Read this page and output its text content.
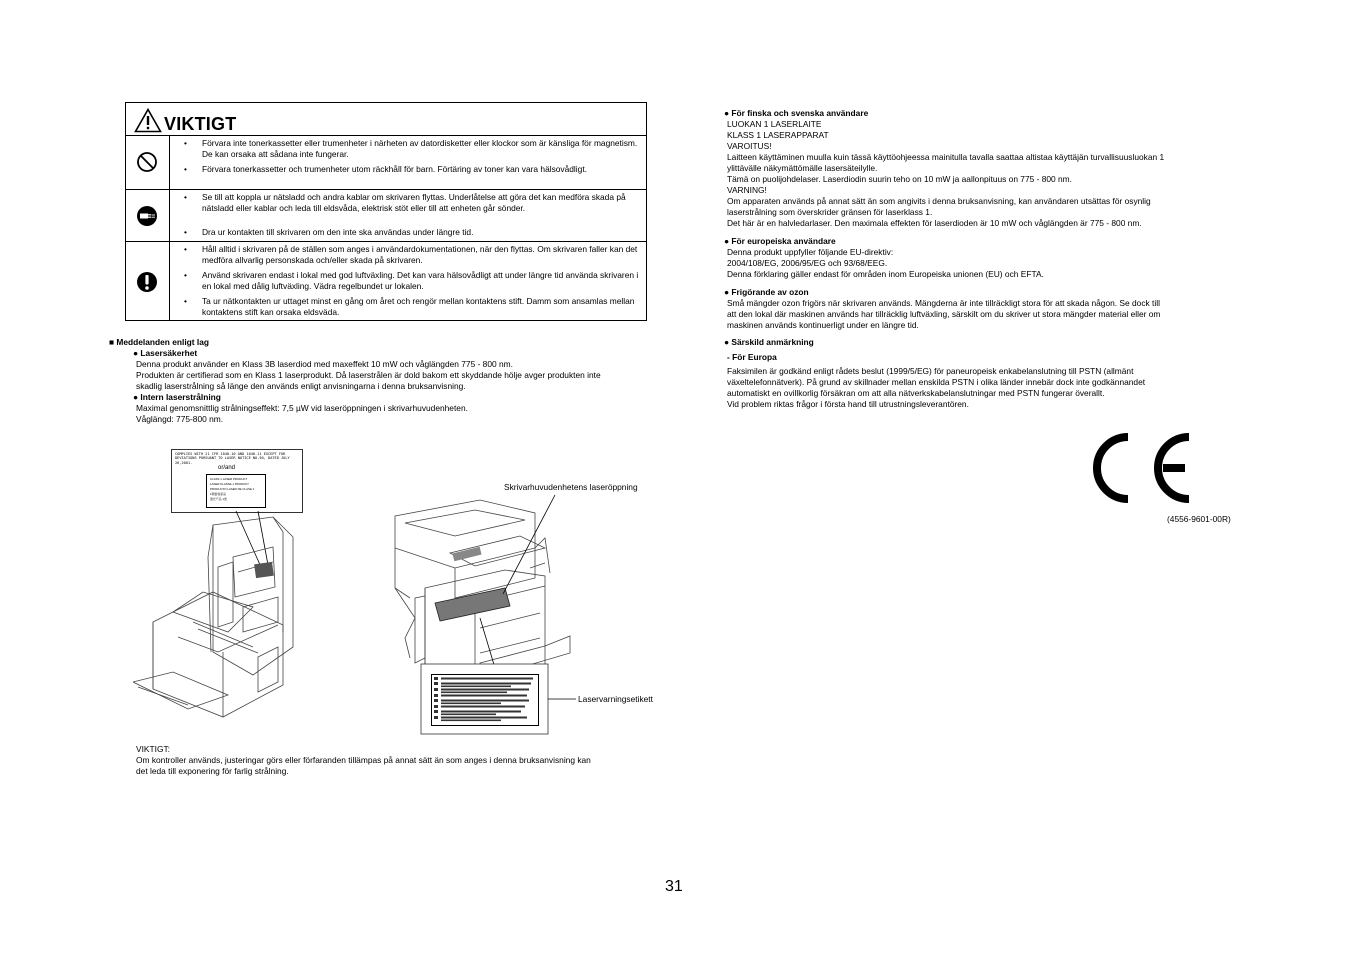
VIKTIGT
• Förvara inte tonerkassetter eller trumenheter i närheten av datordisketter eller klockor som är känsliga för magnetism. De kan orsaka att sådana inte fungerar.
• Förvara tonerkassetter och trumenheter utom räckhåll för barn. Förtäring av toner kan vara hälsovådligt.
• Se till att koppla ur nätsladd och andra kablar om skrivaren flyttas. Underlåtelse att göra det kan medföra skada på nätsladd eller kablar och leda till eldsvåda, elektrisk stöt eller till att enheten går sönder.
• Dra ur kontakten till skrivaren om den inte ska användas under längre tid.
• Håll alltid i skrivaren på de ställen som anges i användardokumentationen, när den flyttas. Om skrivaren faller kan det medföra allvarlig personskada och/eller skada på skrivaren.
• Använd skrivaren endast i lokal med god luftväxling. Det kan vara hälsovådligt att under längre tid använda skrivaren i en lokal med dålig luftväxling. Vädra regelbundet ur lokalen.
• Ta ur nätkontakten ur uttaget minst en gång om året och rengör mellan kontaktens stift. Damm som ansamlas mellan kontaktens stift kan orsaka eldsväda.
■ Meddelanden enligt lag
● Lasersäkerhet
Denna produkt använder en Klass 3B laserdiod med maxeffekt 10 mW och våglängden 775 - 800 nm.
Produkten är certifierad som en Klass 1 laserprodukt. Då laserstrålen är dold bakom ett skyddande hölje avger produkten inte
skadlig laserstrålning så länge den används enligt anvisningarna i denna bruksanvisning.
● Intern laserstrålning
Maximal genomsnittlig strålningseffekt: 7,5 µW vid laseröppningen i skrivarhuvudenheten.
Våglängd: 775-800 nm.
COMPLIES WITH 21 CFR 1040.10 AND 1040.11 EXCEPT FOR DEVIATIONS PURSUANT TO LASER NOTICE NO.50, DATED JULY 26,2001.
or/and
CLASS 1 LASER PRODUCT
LASER KLASSE 1 PRODUKT
PRODUCTO LASER DE CLASE 1
1類雷射產品
激光产品 1类
Skrivarhuvudenhetens laseröppning
Laservarningsetikett
VIKTIGT:
Om kontroller används, justeringar görs eller förfaranden tillämpas på annat sätt än som anges i denna bruksanvisning kan
det leda till exponering för farlig strålning.
● För finska och svenska användare
LUOKAN 1 LASERLAITE
KLASS 1 LASERAPPARAT
VAROITUS!
Laitteen käyttäminen muulla kuin tässä käyttöohjeessa mainitulla tavalla saattaa altistaa käyttäjän turvallisuusluokan 1
ylittävälle näkymättömälle lasersäteilylle.
Tämä on puolijohdelaser. Laserdiodin suurin teho on 10 mW ja aallonpituus on 775 - 800 nm.
VARNING!
Om apparaten används på annat sätt än som angivits i denna bruksanvisning, kan användaren utsättas för osynlig
laserstrålning som överskrider gränsen för laserklass 1.
Det här är en halvledarlaser. Den maximala effekten för laserdioden är 10 mW och våglängden är 775 - 800 nm.
● För europeiska användare
Denna produkt uppfyller följande EU-direktiv:
2004/108/EG, 2006/95/EG och 93/68/EEG.
Denna förklaring gäller endast för områden inom Europeiska unionen (EU) och EFTA.
● Frigörande av ozon
Små mängder ozon frigörs när skrivaren används. Mängderna är inte tillräckligt stora för att skada någon. Se dock till
att den lokal där maskinen används har tillräcklig luftväxling, särskilt om du skriver ut stora mängder material eller om
maskinen används kontinuerligt under en längre tid.
● Särskild anmärkning
- För Europa
Faksimilen är godkänd enligt rådets beslut (1999/5/EG) för paneuropeisk enkabelanslutning till PSTN (allmänt
växeltelefonnätverk). På grund av skillnader mellan enskilda PSTN i olika länder innebär dock inte godkännandet
automatiskt en ovillkorlig försäkran om att alla nätverkskabelanslutningar med PSTN fungerar överallt.
Vid problem riktas frågor i första hand till utrustningsleverantören.
(4556-9601-00R)
31
